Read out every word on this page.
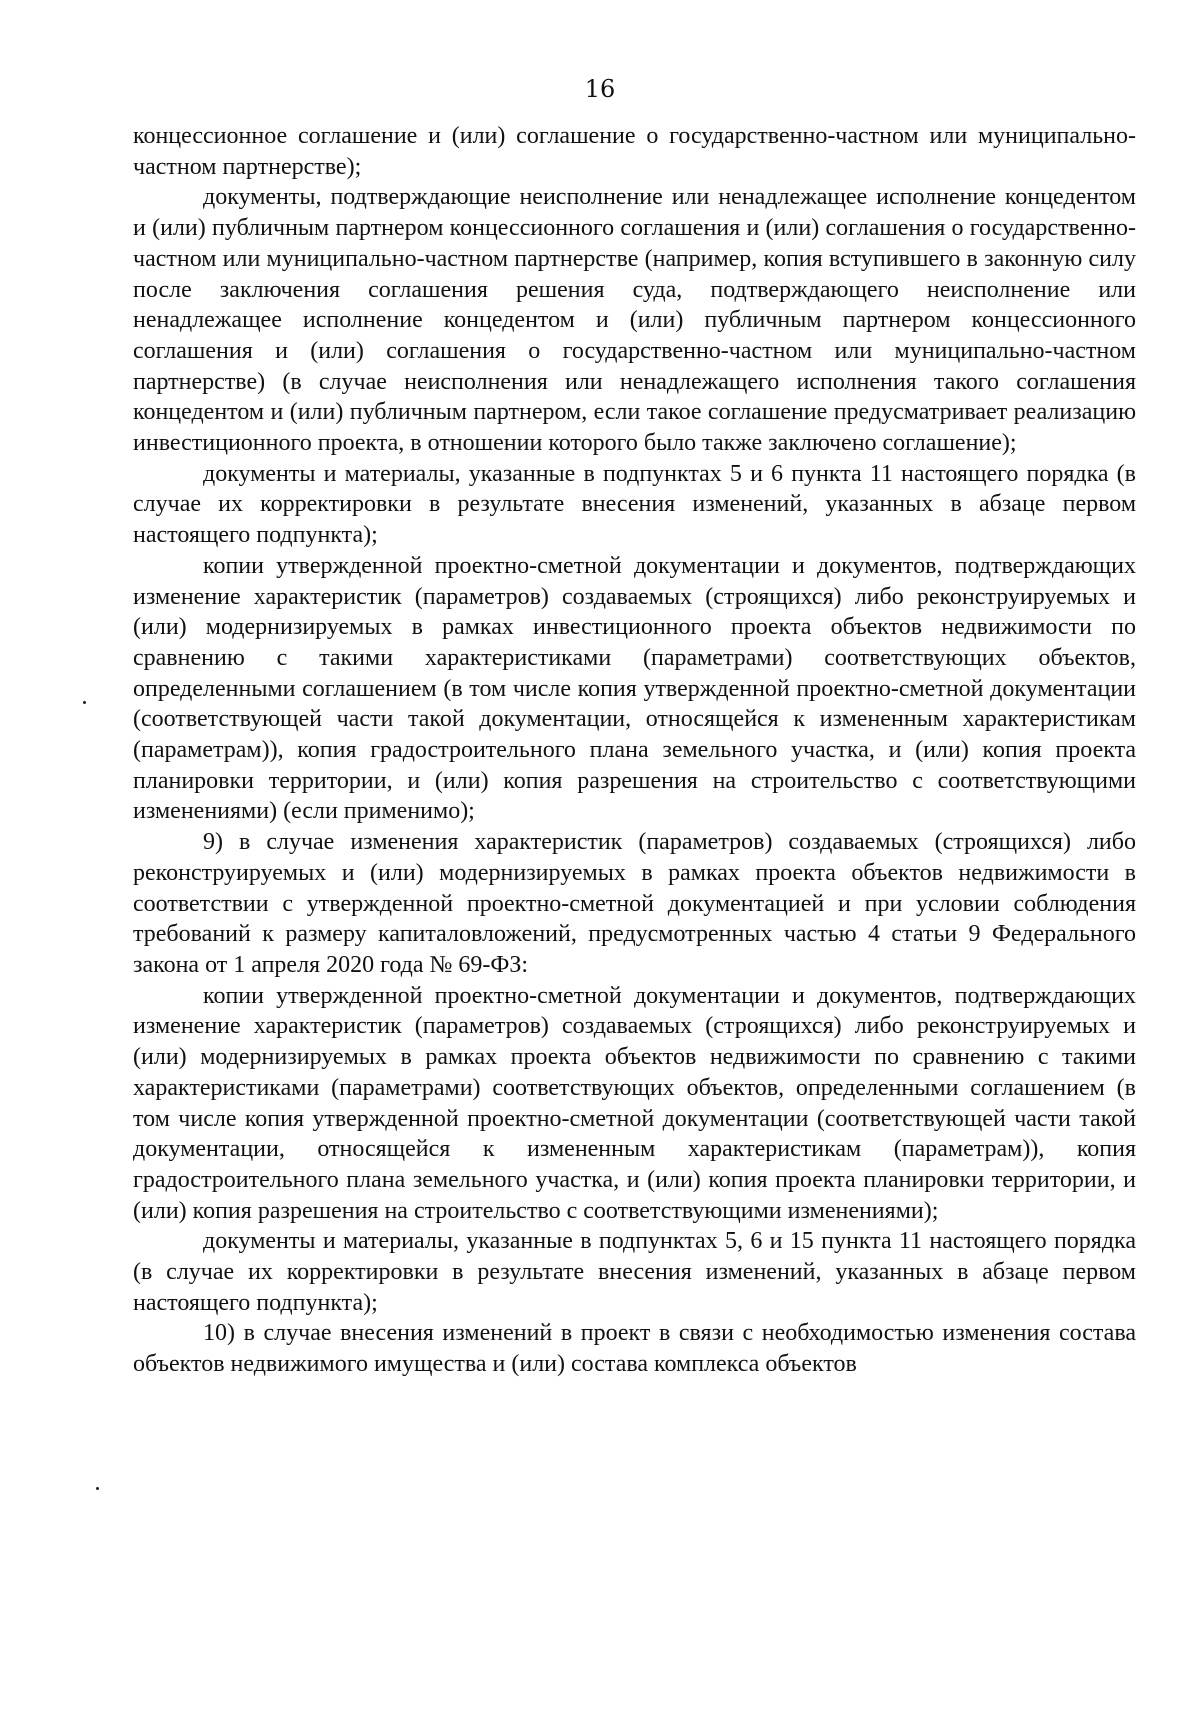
16

концессионное соглашение и (или) соглашение о государственно-частном или муниципально-частном партнерстве);

документы, подтверждающие неисполнение или ненадлежащее исполнение концедентом и (или) публичным партнером концессионного соглашения и (или) соглашения о государственно-частном или муниципально-частном партнерстве (например, копия вступившего в законную силу после заключения соглашения решения суда, подтверждающего неисполнение или ненадлежащее исполнение концедентом и (или) публичным партнером концессионного соглашения и (или) соглашения о государственно-частном или муниципально-частном партнерстве) (в случае неисполнения или ненадлежащего исполнения такого соглашения концедентом и (или) публичным партнером, если такое соглашение предусматривает реализацию инвестиционного проекта, в отношении которого было также заключено соглашение);

документы и материалы, указанные в подпунктах 5 и 6 пункта 11 настоящего порядка (в случае их корректировки в результате внесения изменений, указанных в абзаце первом настоящего подпункта);

копии утвержденной проектно-сметной документации и документов, подтверждающих изменение характеристик (параметров) создаваемых (строящихся) либо реконструируемых и (или) модернизируемых в рамках инвестиционного проекта объектов недвижимости по сравнению с такими характеристиками (параметрами) соответствующих объектов, определенными соглашением (в том числе копия утвержденной проектно-сметной документации (соответствующей части такой документации, относящейся к измененным характеристикам (параметрам)), копия градостроительного плана земельного участка, и (или) копия проекта планировки территории, и (или) копия разрешения на строительство с соответствующими изменениями) (если применимо);

9) в случае изменения характеристик (параметров) создаваемых (строящихся) либо реконструируемых и (или) модернизируемых в рамках проекта объектов недвижимости в соответствии с утвержденной проектно-сметной документацией и при условии соблюдения требований к размеру капиталовложений, предусмотренных частью 4 статьи 9 Федерального закона от 1 апреля 2020 года № 69-ФЗ:

копии утвержденной проектно-сметной документации и документов, подтверждающих изменение характеристик (параметров) создаваемых (строящихся) либо реконструируемых и (или) модернизируемых в рамках проекта объектов недвижимости по сравнению с такими характеристиками (параметрами) соответствующих объектов, определенными соглашением (в том числе копия утвержденной проектно-сметной документации (соответствующей части такой документации, относящейся к измененным характеристикам (параметрам)), копия градостроительного плана земельного участка, и (или) копия проекта планировки территории, и (или) копия разрешения на строительство с соответствующими изменениями);

документы и материалы, указанные в подпунктах 5, 6 и 15 пункта 11 настоящего порядка (в случае их корректировки в результате внесения изменений, указанных в абзаце первом настоящего подпункта);

10) в случае внесения изменений в проект в связи с необходимостью изменения состава объектов недвижимого имущества и (или) состава комплекса объектов
